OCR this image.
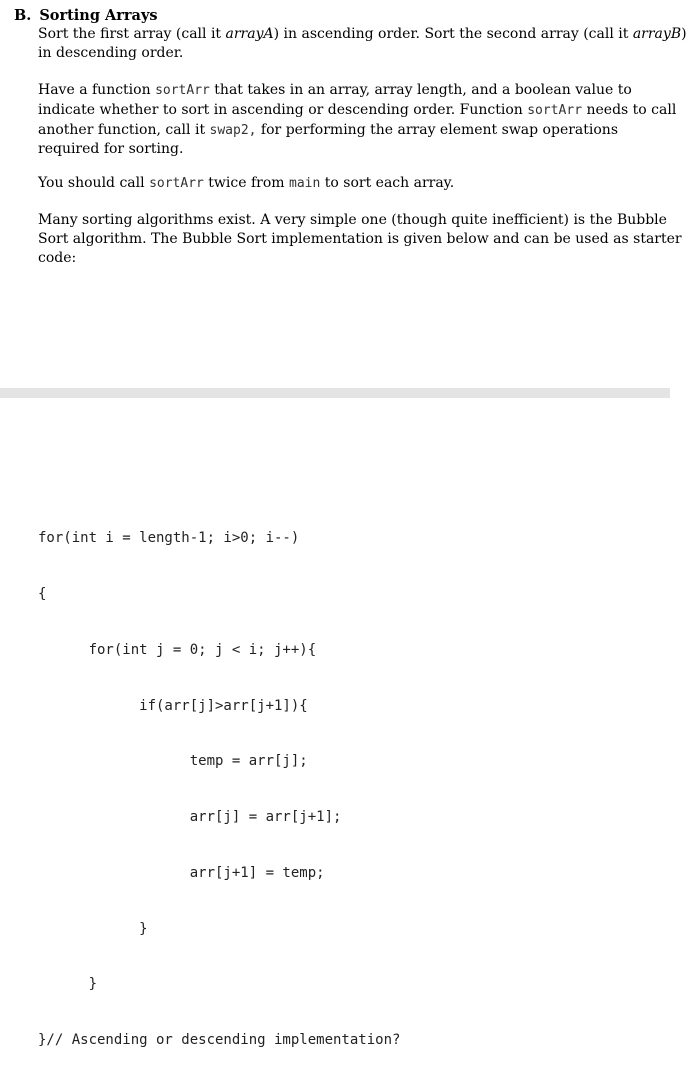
B. Sorting Arrays
Sort the first array (call it arrayA) in ascending order. Sort the second array (call it arrayB)
in descending order.
Have a function sortArr that takes in an array, array length, and a boolean value to
indicate whether to sort in ascending or descending order. Function sortArr needs to call
another function, call it swap2, for performing the array element swap operations
required for sorting.
You should call sortArr twice from main to sort each array.
Many sorting algorithms exist. A very simple one (though quite inefficient) is the Bubble
Sort algorithm. The Bubble Sort implementation is given below and can be used as starter
code:

for(int i = length-1; i>0; i--)

{

for(int j = 0; j < i; j++){

if(arr[j]>arr[j+1]){

temp = arr[j];

arr[j] = arr[j+1];

arr[j+1] = temp;

}

}

}// Ascending or descending implementation?
